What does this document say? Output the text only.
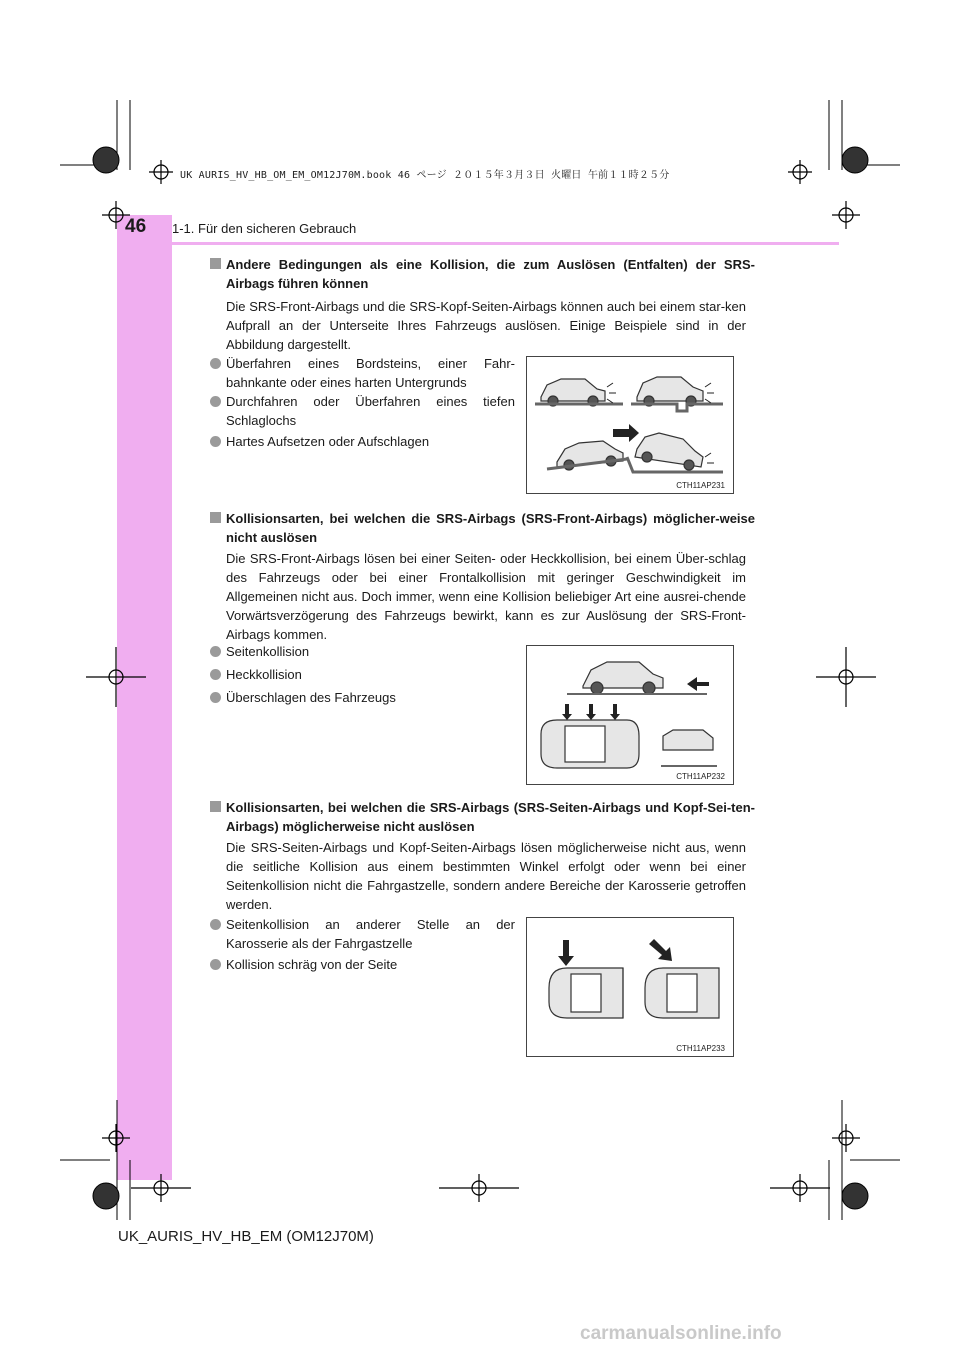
46 1-1. Für den sicheren Gebrauch
UK AURIS_HV_HB_OM_EM_OM12J70M.book 46 ページ ２０１５年３月３日 火曜日 午前１１時２５分
Andere Bedingungen als eine Kollision, die zum Auslösen (Entfalten) der SRS-Airbags führen können
Die SRS-Front-Airbags und die SRS-Kopf-Seiten-Airbags können auch bei einem star-ken Aufprall an der Unterseite Ihres Fahrzeugs auslösen. Einige Beispiele sind in der Abbildung dargestellt.
Überfahren eines Bordsteins, einer Fahr-bahnkante oder eines harten Untergrunds
Durchfahren oder Überfahren eines tiefen Schlaglochs
Hartes Aufsetzen oder Aufschlagen
CTH11AP231
Kollisionsarten, bei welchen die SRS-Airbags (SRS-Front-Airbags) möglicher-weise nicht auslösen
Die SRS-Front-Airbags lösen bei einer Seiten- oder Heckkollision, bei einem Über-schlag des Fahrzeugs oder bei einer Frontalkollision mit geringer Geschwindigkeit im Allgemeinen nicht aus. Doch immer, wenn eine Kollision beliebiger Art eine ausrei-chende Vorwärtsverzögerung des Fahrzeugs bewirkt, kann es zur Auslösung der SRS-Front-Airbags kommen.
Seitenkollision
Heckkollision
Überschlagen des Fahrzeugs
CTH11AP232
Kollisionsarten, bei welchen die SRS-Airbags (SRS-Seiten-Airbags und Kopf-Sei-ten-Airbags) möglicherweise nicht auslösen
Die SRS-Seiten-Airbags und Kopf-Seiten-Airbags lösen möglicherweise nicht aus, wenn die seitliche Kollision aus einem bestimmten Winkel erfolgt oder wenn bei einer Seitenkollision nicht die Fahrgastzelle, sondern andere Bereiche der Karosserie getroffen werden.
Seitenkollision an anderer Stelle an der Karosserie als der Fahrgastzelle
Kollision schräg von der Seite
CTH11AP233
UK_AURIS_HV_HB_EM (OM12J70M)
carmanualsonline.info
